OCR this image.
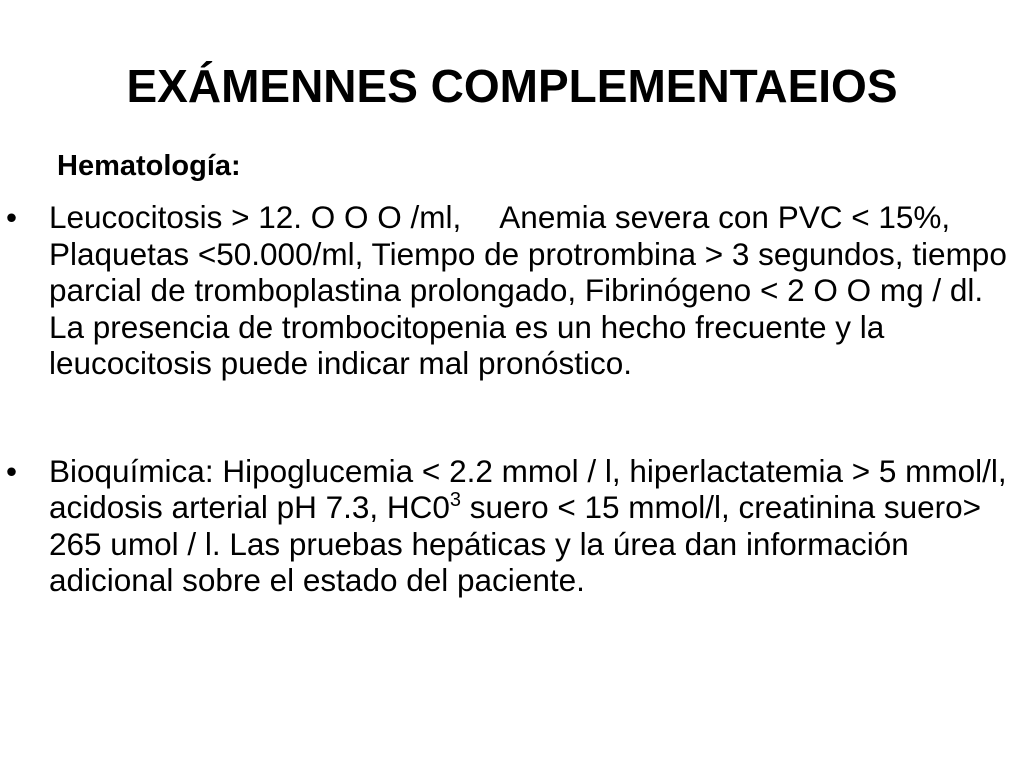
EXÁMENNES COMPLEMENTAEIOS

Hematología:

• Leucocitosis > 12. O O O /ml, Anemia severa con PVC < 15%, Plaquetas <50.000/ml, Tiempo de protrombina > 3 segundos, tiempo parcial de tromboplastina prolongado, Fibrinógeno < 2 O O mg / dl. La presencia de trombocitopenia es un hecho frecuente y la leucocitosis puede indicar mal pronóstico.
• Bioquímica: Hipoglucemia < 2.2 mmol / l, hiperlactatemia > 5 mmol/l, acidosis arterial pH 7.3, $HC0^3$ suero < 15 mmol/l, creatinina suero> 265 umol / l. Las pruebas hepáticas y la úrea dan información adicional sobre el estado del paciente.
